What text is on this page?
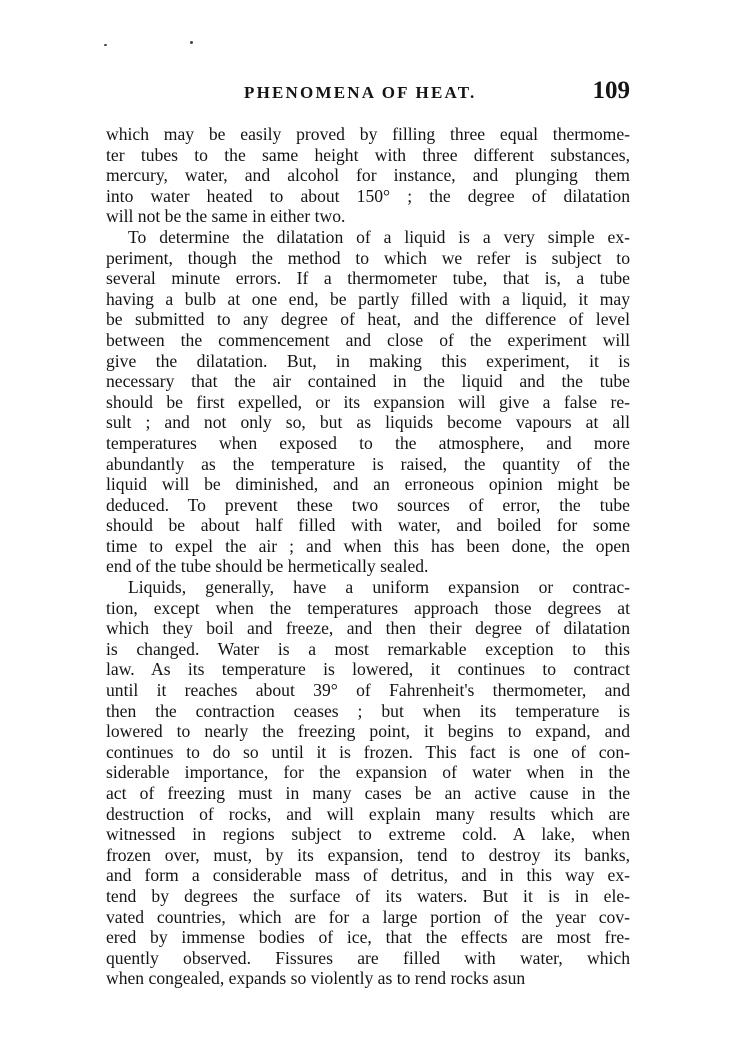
PHENOMENA OF HEAT.	109
which may be easily proved by filling three equal thermome-
ter tubes to the same height with three different substances,
mercury, water, and alcohol for instance, and plunging them
into water heated to about 150° ; the degree of dilatation
will not be the same in either two.
To determine the dilatation of a liquid is a very simple ex-
periment, though the method to which we refer is subject to
several minute errors. If a thermometer tube, that is, a tube
having a bulb at one end, be partly filled with a liquid, it may
be submitted to any degree of heat, and the difference of level
between the commencement and close of the experiment will
give the dilatation. But, in making this experiment, it is
necessary that the air contained in the liquid and the tube
should be first expelled, or its expansion will give a false re-
sult ; and not only so, but as liquids become vapours at all
temperatures when exposed to the atmosphere, and more
abundantly as the temperature is raised, the quantity of the
liquid will be diminished, and an erroneous opinion might be
deduced. To prevent these two sources of error, the tube
should be about half filled with water, and boiled for some
time to expel the air ; and when this has been done, the open
end of the tube should be hermetically sealed.
Liquids, generally, have a uniform expansion or contrac-
tion, except when the temperatures approach those degrees at
which they boil and freeze, and then their degree of dilatation
is changed. Water is a most remarkable exception to this
law. As its temperature is lowered, it continues to contract
until it reaches about 39° of Fahrenheit's thermometer, and
then the contraction ceases ; but when its temperature is
lowered to nearly the freezing point, it begins to expand, and
continues to do so until it is frozen. This fact is one of con-
siderable importance, for the expansion of water when in the
act of freezing must in many cases be an active cause in the
destruction of rocks, and will explain many results which are
witnessed in regions subject to extreme cold. A lake, when
frozen over, must, by its expansion, tend to destroy its banks,
and form a considerable mass of detritus, and in this way ex-
tend by degrees the surface of its waters. But it is in ele-
vated countries, which are for a large portion of the year cov-
ered by immense bodies of ice, that the effects are most fre-
quently observed. Fissures are filled with water, which
when congealed, expands so violently as to rend rocks asun
